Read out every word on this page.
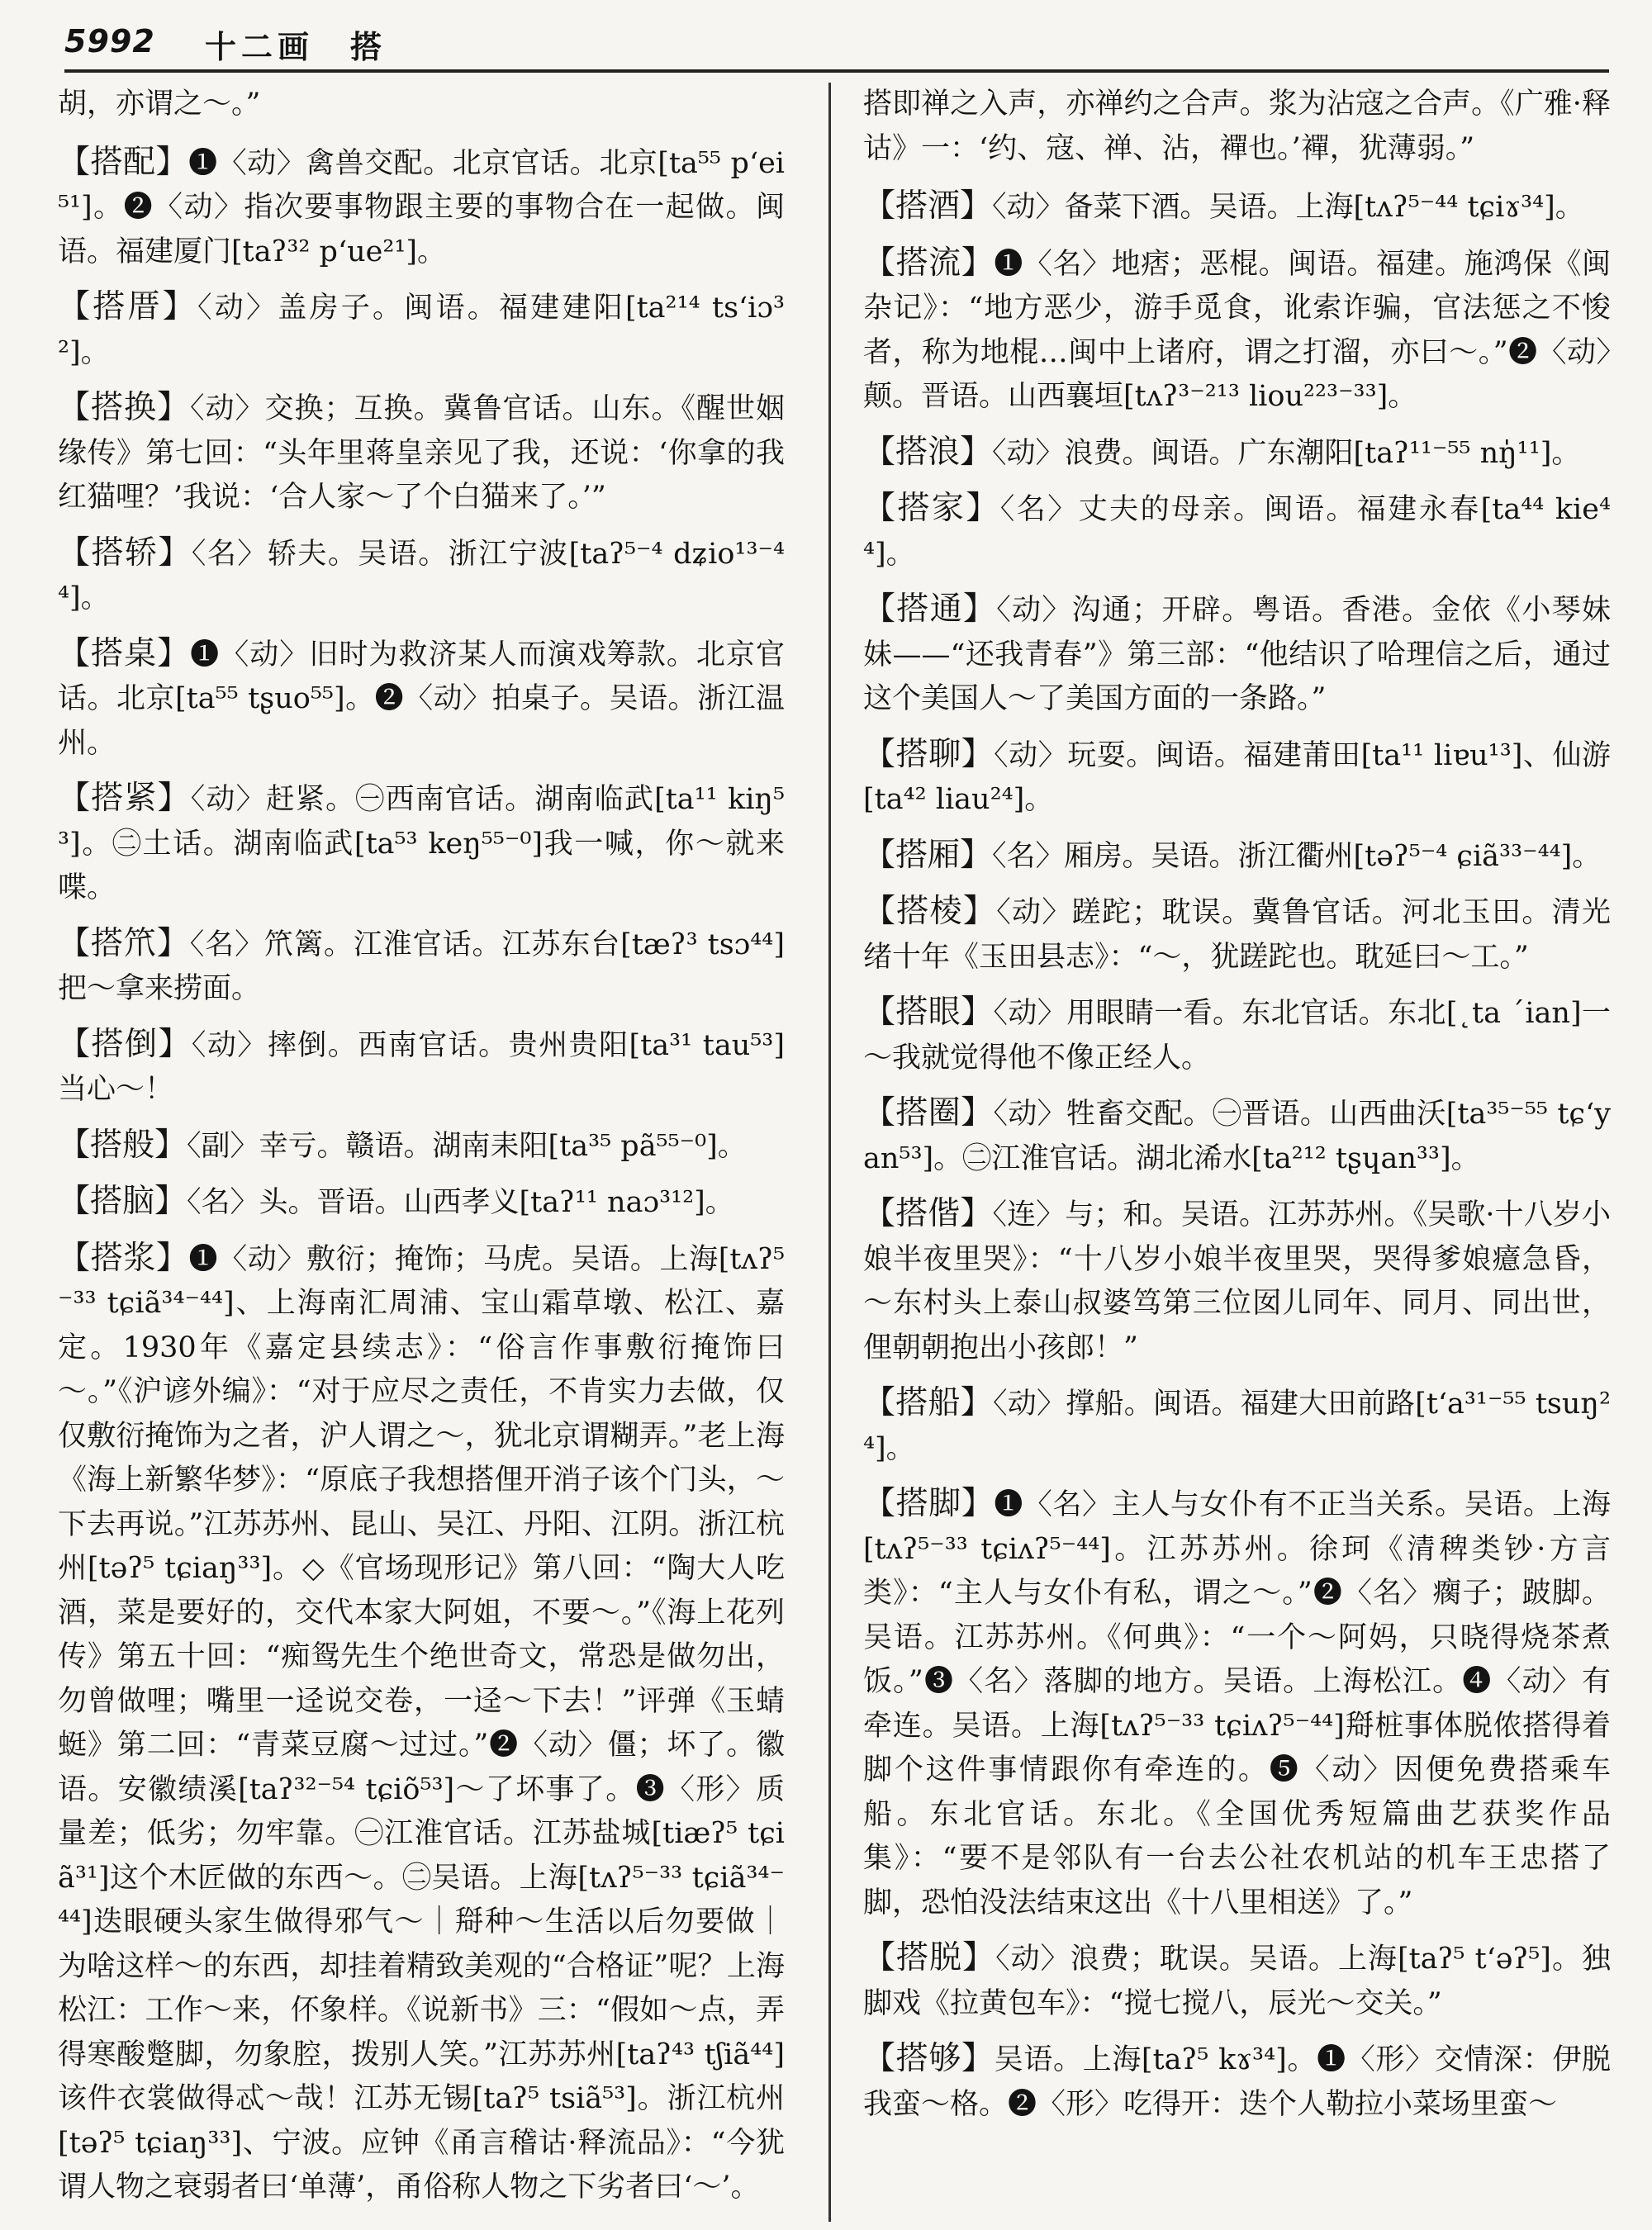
5992 十二画　搭
胡，亦谓之～。”
【搭配】❶〈动〉禽兽交配。北京官话。北京[ta⁵⁵ p‘ei⁵¹]。❷〈动〉指次要事物跟主要的事物合在一起做。闽语。福建厦门[taʔ³² p‘ue²¹]。
【搭厝】〈动〉盖房子。闽语。福建建阳[ta²¹⁴ ts‘iɔ³²]。
【搭换】〈动〉交换；互换。冀鲁官话。山东。《醒世姻缘传》第七回：“头年里蒋皇亲见了我，还说：‘你拿的我红猫哩？’我说：‘合人家～了个白猫来了。’”
【搭轿】〈名〉轿夫。吴语。浙江宁波[taʔ⁵⁻⁴ dʑio¹³⁻⁴⁴]。
【搭桌】❶〈动〉旧时为救济某人而演戏筹款。北京官话。北京[ta⁵⁵ tʂuo⁵⁵]。❷〈动〉拍桌子。吴语。浙江温州。
【搭紧】〈动〉赶紧。㊀西南官话。湖南临武[ta¹¹ kiŋ⁵³]。㊁土话。湖南临武[ta⁵³ keŋ⁵⁵⁻⁰]我一喊，你～就来喋。
【搭笊】〈名〉笊篱。江淮官话。江苏东台[tæʔ³ tsɔ⁴⁴]把～拿来捞面。
【搭倒】〈动〉摔倒。西南官话。贵州贵阳[ta³¹ tau⁵³]当心～！
【搭般】〈副〉幸亏。赣语。湖南耒阳[ta³⁵ pã⁵⁵⁻⁰]。
【搭脑】〈名〉头。晋语。山西孝义[taʔ¹¹ naɔ³¹²]。
【搭浆】❶〈动〉敷衍；掩饰；马虎。吴语。上海[tʌʔ⁵⁻³³ tɕiã³⁴⁻⁴⁴]、上海南汇周浦、宝山霜草墩、松江、嘉定。1930年《嘉定县续志》：“俗言作事敷衍掩饰曰～。”《沪谚外编》：“对于应尽之责任，不肯实力去做，仅仅敷衍掩饰为之者，沪人谓之～，犹北京谓糊弄。”老上海《海上新繁华梦》：“原底子我想搭俚开消子该个门头，～下去再说。”江苏苏州、昆山、吴江、丹阳、江阴。浙江杭州[təʔ⁵ tɕiaŋ³³]。◇《官场现形记》第八回：“陶大人吃酒，菜是要好的，交代本家大阿姐，不要～。”《海上花列传》第五十回：“痴鸳先生个绝世奇文，常恐是做勿出，勿曾做哩；嘴里一迳说交卷，一迳～下去！”评弹《玉蜻蜓》第二回：“青菜豆腐～过过。”❷〈动〉僵；坏了。徽语。安徽绩溪[taʔ³²⁻⁵⁴ tɕiõ⁵³]～了坏事了。❸〈形〉质量差；低劣；勿牢靠。㊀江淮官话。江苏盐城[tiæʔ⁵ tɕiã³¹]这个木匠做的东西～。㊁吴语。上海[tʌʔ⁵⁻³³ tɕiã³⁴⁻⁴⁴]迭眼硬头家生做得邪气～｜搿种～生活以后勿要做｜为啥这样～的东西，却挂着精致美观的“合格证”呢？上海松江：工作～来，伓象样。《说新书》三：“假如～点，弄得寒酸蹩脚，勿象腔，拨别人笑。”江苏苏州[taʔ⁴³ tʃiã⁴⁴]该件衣裳做得忒～哉！江苏无锡[taʔ⁵ tsiã⁵³]。浙江杭州[təʔ⁵ tɕiaŋ³³]、宁波。应钟《甬言稽诂·释流品》：“今犹谓人物之衰弱者曰‘单薄’，甬俗称人物之下劣者曰‘～’。
搭即禅之入声，亦禅约之合声。浆为沾寇之合声。《广雅·释诂》一：‘约、寇、禅、沾，襌也。’襌，犹薄弱。”
【搭酒】〈动〉备菜下酒。吴语。上海[tʌʔ⁵⁻⁴⁴ tɕiɤ³⁴]。
【搭流】❶〈名〉地痞；恶棍。闽语。福建。施鸿保《闽杂记》：“地方恶少，游手觅食，讹索诈骗，官法惩之不悛者，称为地棍…闽中上诸府，谓之打溜，亦曰～。”❷〈动〉颠。晋语。山西襄垣[tʌʔ³⁻²¹³ liou²²³⁻³³]。
【搭浪】〈动〉浪费。闽语。广东潮阳[taʔ¹¹⁻⁵⁵ nŋ̍¹¹]。
【搭家】〈名〉丈夫的母亲。闽语。福建永春[ta⁴⁴ kie⁴⁴]。
【搭通】〈动〉沟通；开辟。粤语。香港。金依《小琴妹妹——“还我青春”》第三部：“他结识了哈理信之后，通过这个美国人～了美国方面的一条路。”
【搭聊】〈动〉玩耍。闽语。福建莆田[ta¹¹ liɐu¹³]、仙游[ta⁴² liau²⁴]。
【搭厢】〈名〉厢房。吴语。浙江衢州[təʔ⁵⁻⁴ ɕiã³³⁻⁴⁴]。
【搭棱】〈动〉蹉跎；耽误。冀鲁官话。河北玉田。清光绪十年《玉田县志》：“～，犹蹉跎也。耽延曰～工。”
【搭眼】〈动〉用眼睛一看。东北官话。东北[˛ta ˊian]一～我就觉得他不像正经人。
【搭圈】〈动〉牲畜交配。㊀晋语。山西曲沃[ta³⁵⁻⁵⁵ tɕ‘yan⁵³]。㊁江淮官话。湖北浠水[ta²¹² tʂɥan³³]。
【搭偕】〈连〉与；和。吴语。江苏苏州。《吴歌·十八岁小娘半夜里哭》：“十八岁小娘半夜里哭，哭得爹娘癔急昏，～东村头上泰山叔婆笃第三位囡儿同年、同月、同出世，俚朝朝抱出小孩郎！”
【搭船】〈动〉撑船。闽语。福建大田前路[t‘a³¹⁻⁵⁵ tsuŋ²⁴]。
【搭脚】❶〈名〉主人与女仆有不正当关系。吴语。上海[tʌʔ⁵⁻³³ tɕiʌʔ⁵⁻⁴⁴]。江苏苏州。徐珂《清稗类钞·方言类》：“主人与女仆有私，谓之～。”❷〈名〉瘸子；跛脚。吴语。江苏苏州。《何典》：“一个～阿妈，只晓得烧茶煮饭。”❸〈名〉落脚的地方。吴语。上海松江。❹〈动〉有牵连。吴语。上海[tʌʔ⁵⁻³³ tɕiʌʔ⁵⁻⁴⁴]搿桩事体脱侬搭得着脚个这件事情跟你有牵连的。❺〈动〉因便免费搭乘车船。东北官话。东北。《全国优秀短篇曲艺获奖作品集》：“要不是邻队有一台去公社农机站的机车王忠搭了脚，恐怕没法结束这出《十八里相送》了。”
【搭脱】〈动〉浪费；耽误。吴语。上海[taʔ⁵ t‘əʔ⁵]。独脚戏《拉黄包车》：“搅七搅八，辰光～交关。”
【搭够】吴语。上海[taʔ⁵ kɤ³⁴]。❶〈形〉交情深：伊脱我蛮～格。❷〈形〉吃得开：迭个人勒拉小菜场里蛮～
